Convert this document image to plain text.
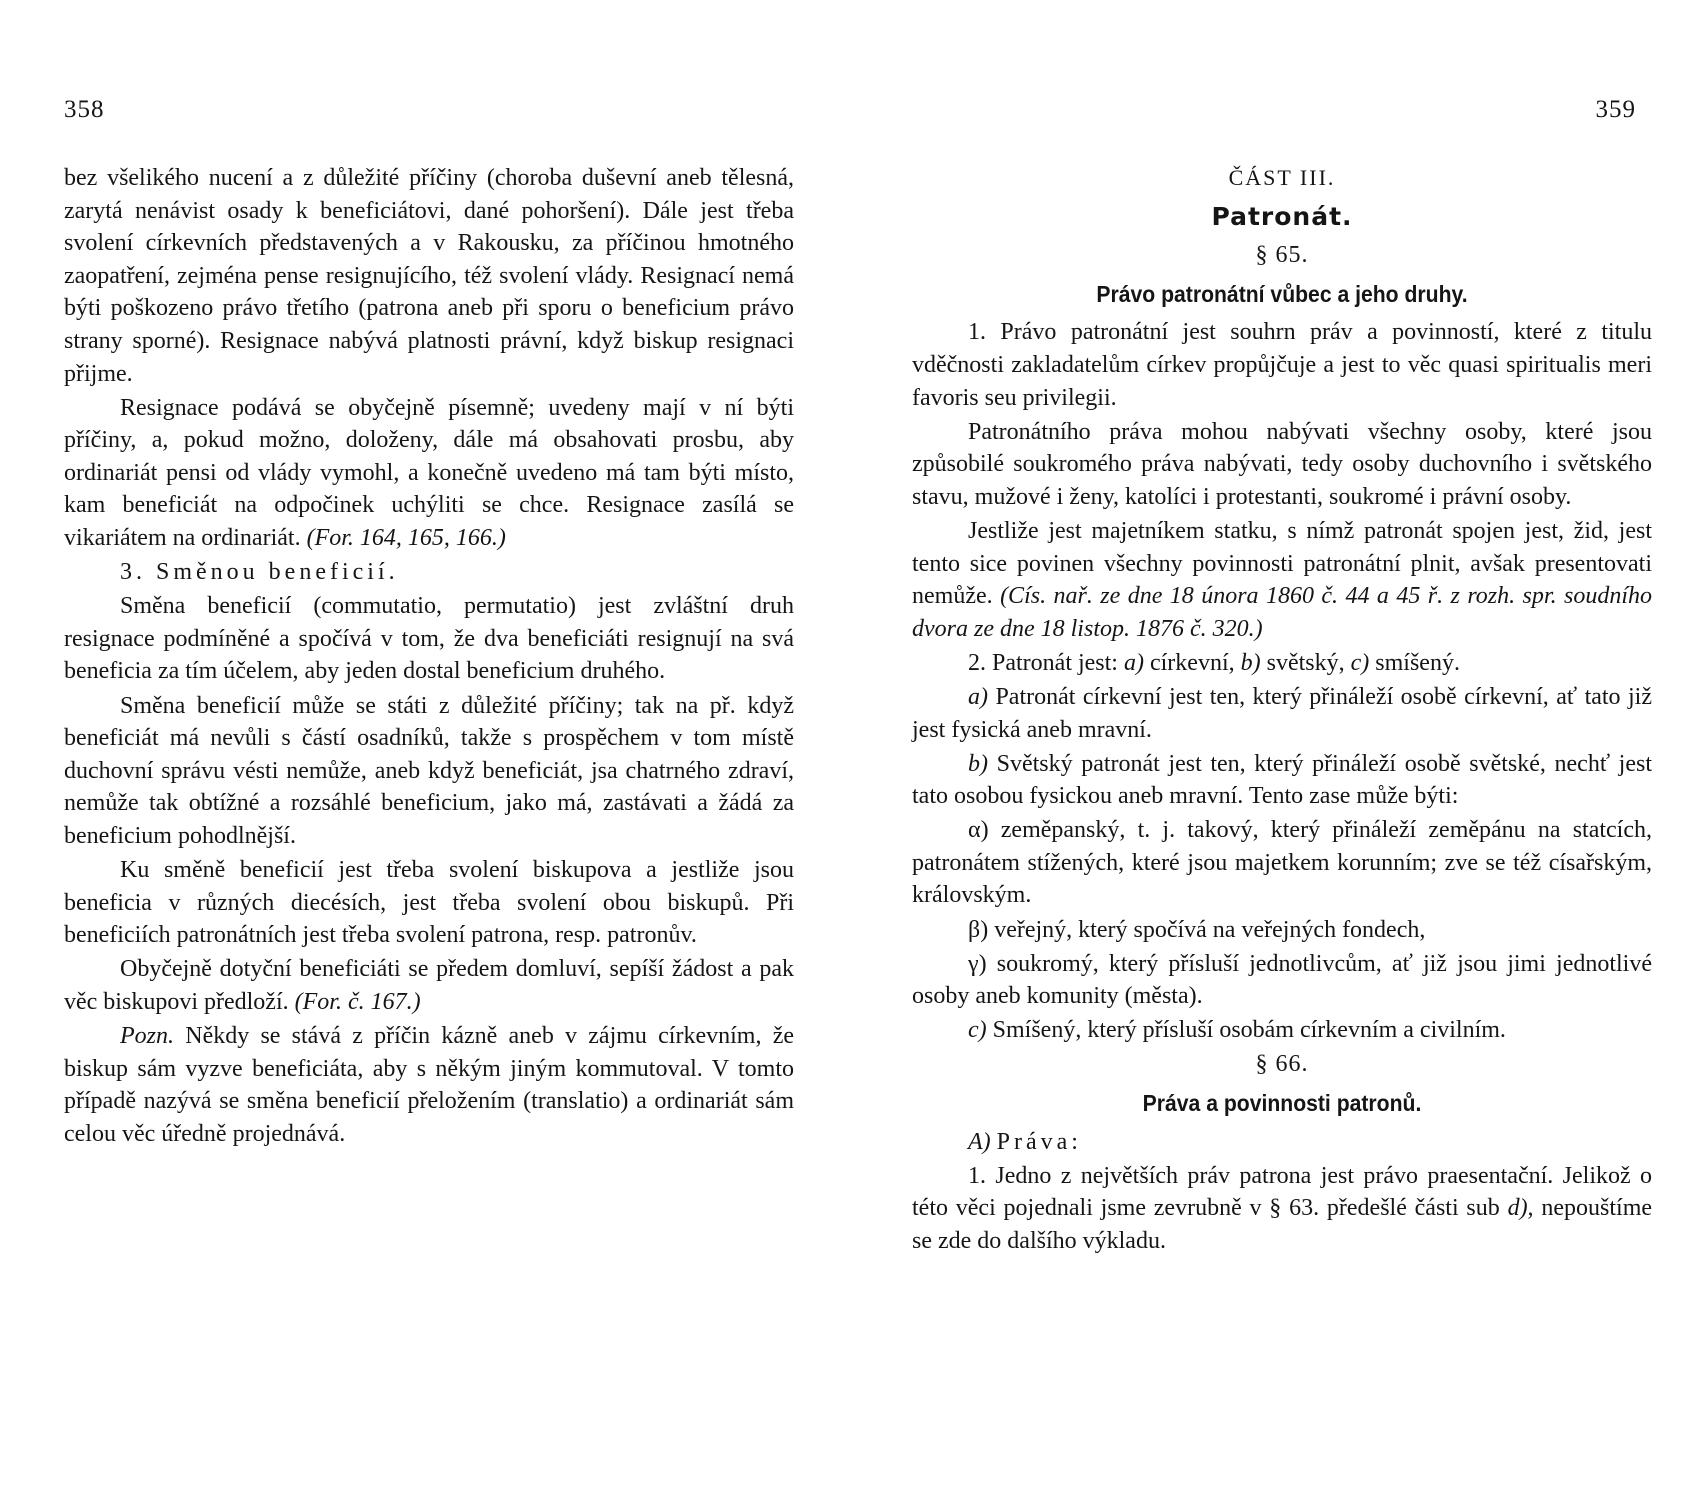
358

bez všelikého nucení a z důležité příčiny (choroba duševní aneb tělesná, zarytá nenávist osady k beneficiátovi, dané pohoršení). Dále jest třeba svolení církevních představených a v Rakousku, za příčinou hmotného zaopatření, zejména pense resignujícího, též svolení vlády. Resignací nemá býti poškozeno právo třetího (patrona aneb při sporu o beneficium právo strany sporné). Resignace nabývá platnosti právní, když biskup resignaci přijme.

Resignace podává se obyčejně písemně; uvedeny mají v ní býti příčiny, a, pokud možno, doloženy, dále má obsahovati prosbu, aby ordinariát pensi od vlády vymohl, a konečně uvedeno má tam býti místo, kam beneficiát na odpočinek uchýliti se chce. Resignace zasílá se vikariátem na ordinariát. (For. 164, 165, 166.)

3. Směnou beneficií.

Směna beneficií (commutatio, permutatio) jest zvláštní druh resignace podmíněné a spočívá v tom, že dva beneficiáti resignují na svá beneficia za tím účelem, aby jeden dostal beneficium druhého.

Směna beneficií může se státi z důležité příčiny; tak na př. když beneficiát má nevůli s částí osadníků, takže s prospěchem v tom místě duchovní správu vésti nemůže, aneb když beneficiát, jsa chatrného zdraví, nemůže tak obtížné a rozsáhlé beneficium, jako má, zastávati a žádá za beneficium pohodlnější.

Ku směně beneficií jest třeba svolení biskupova a jestliže jsou beneficia v různých diecésích, jest třeba svolení obou biskupů. Při beneficiích patronátních jest třeba svolení patrona, resp. patronův.

Obyčejně dotyční beneficiáti se předem domluví, sepíší žádost a pak věc biskupovi předloží. (For. č. 167.)

Pozn. Někdy se stává z příčin kázně aneb v zájmu církevním, že biskup sám vyzve beneficiáta, aby s někým jiným kommutoval. V tomto případě nazývá se směna beneficií přeložením (translatio) a ordinariát sám celou věc úředně projednává.

359

ČÁST III.

Patronát.

§ 65.

Právo patronátní vůbec a jeho druhy.

1. Právo patronátní jest souhrn práv a povinností, které z titulu vděčnosti zakladatelům církev propůjčuje a jest to věc quasi spiritualis meri favoris seu privilegii.

Patronátního práva mohou nabývati všechny osoby, které jsou způsobilé soukromého práva nabývati, tedy osoby duchovního i světského stavu, mužové i ženy, katolíci i protestanti, soukromé i právní osoby.

Jestliže jest majetníkem statku, s nímž patronát spojen jest, žid, jest tento sice povinen všechny povinnosti patronátní plnit, avšak presentovati nemůže. (Cís. nař. ze dne 18 února 1860 č. 44 a 45 ř. z rozh. spr. soudního dvora ze dne 18 listop. 1876 č. 320.)

2. Patronát jest: a) církevní, b) světský, c) smíšený.

a) Patronát církevní jest ten, který přináleží osobě církevní, ať tato již jest fysická aneb mravní.

b) Světský patronát jest ten, který přináleží osobě světské, nechť jest tato osobou fysickou aneb mravní. Tento zase může býti:

α) zeměpanský, t. j. takový, který přináleží zeměpánu na statcích, patronátem stížených, které jsou majetkem korunním; zve se též císařským, královským.

β) veřejný, který spočívá na veřejných fondech,

γ) soukromý, který přísluší jednotlivcům, ať již jsou jimi jednotlivé osoby aneb komunity (města).

c) Smíšený, který přísluší osobám církevním a civilním.

§ 66.

Práva a povinnosti patronů.

A) Práva:

1. Jedno z největších práv patrona jest právo praesentační. Jelikož o této věci pojednali jsme zevrubně v § 63. předešlé části sub d), nepouštíme se zde do dalšího výkladu.
